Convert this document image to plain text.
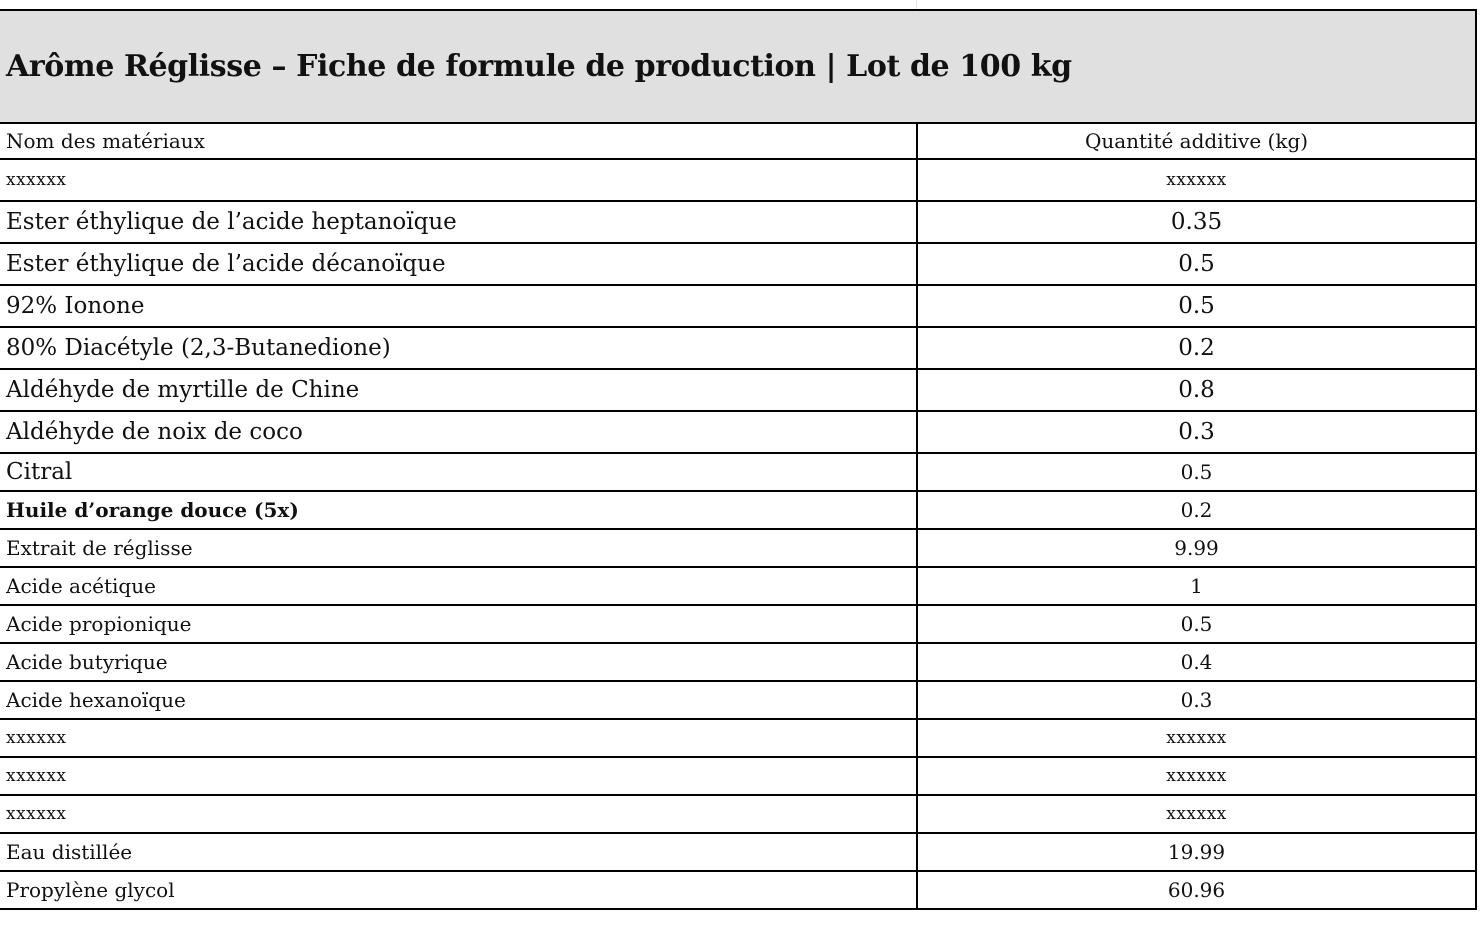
Arôme Réglisse – Fiche de formule de production | Lot de 100 kg	
Nom des matériaux	Quantité additive (kg)
xxxxxx	xxxxxx
Ester éthylique de l’acide heptanoïque	0.35
Ester éthylique de l’acide décanoïque	0.5
92% Ionone	0.5
80% Diacétyle (2,3-Butanedione)	0.2
Aldéhyde de myrtille de Chine	0.8
Aldéhyde de noix de coco	0.3
Citral	0.5
Huile d’orange douce (5x)	0.2
Extrait de réglisse	9.99
Acide acétique	1
Acide propionique	0.5
Acide butyrique	0.4
Acide hexanoïque	0.3
xxxxxx	xxxxxx
xxxxxx	xxxxxx
xxxxxx	xxxxxx
Eau distillée	19.99
Propylène glycol	60.96
